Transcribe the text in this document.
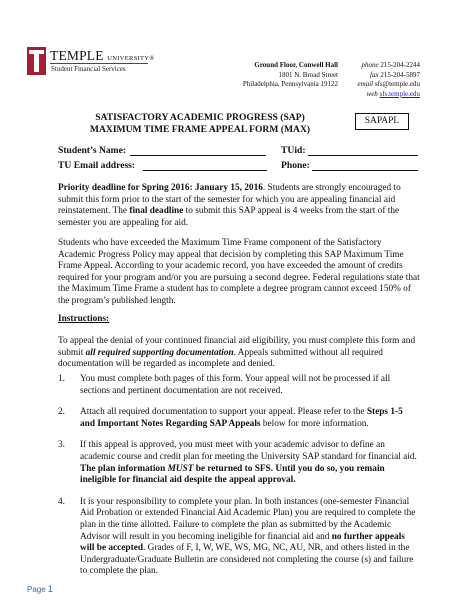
TEMPLE UNIVERSITY®
Student Financial Services	Ground Floor, Conwell Hall
1801 N. Broad Street
Philadelphia, Pennsylvania 19122
phone 215-204-2244
fax 215-204-5897
email sfs@temple.edu
web sfs.temple.edu
SATISFACTORY ACADEMIC PROGRESS (SAP)
MAXIMUM TIME FRAME APPEAL FORM (MAX)
SAPAPL
Student’s Name:	TUid:
TU Email address:	Phone:
Priority deadline for Spring 2016: January 15, 2016. Students are strongly encouraged to submit this form prior to the start of the semester for which you are appealing financial aid reinstatement. The final deadline to submit this SAP appeal is 4 weeks from the start of the semester you are appealing for aid.
Students who have exceeded the Maximum Time Frame component of the Satisfactory Academic Progress Policy may appeal that decision by completing this SAP Maximum Time Frame Appeal. According to your academic record, you have exceeded the amount of credits required for your program and/or you are pursuing a second degree. Federal regulations state that the Maximum Time Frame a student has to complete a degree program cannot exceed 150% of the program’s published length.
Instructions:
To appeal the denial of your continued financial aid eligibility, you must complete this form and submit all required supporting documentation. Appeals submitted without all required documentation will be regarded as incomplete and denied.
1. You must complete both pages of this form. Your appeal will not be processed if all sections and pertinent documentation are not received.
2. Attach all required documentation to support your appeal. Please refer to the Steps 1-5 and Important Notes Regarding SAP Appeals below for more information.
3. If this appeal is approved, you must meet with your academic advisor to define an academic course and credit plan for meeting the University SAP standard for financial aid. The plan information MUST be returned to SFS. Until you do so, you remain ineligible for financial aid despite the appeal approval.
4. It is your responsibility to complete your plan. In both instances (one-semester Financial Aid Probation or extended Financial Aid Academic Plan) you are required to complete the plan in the time allotted. Failure to complete the plan as submitted by the Academic Advisor will result in you becoming ineligible for financial aid and no further appeals will be accepted. Grades of F, I, W, WE, WS, MG, NC, AU, NR, and others listed in the Undergraduate/Graduate Bulletin are considered not completing the course (s) and failure to complete the plan.
Page 1
